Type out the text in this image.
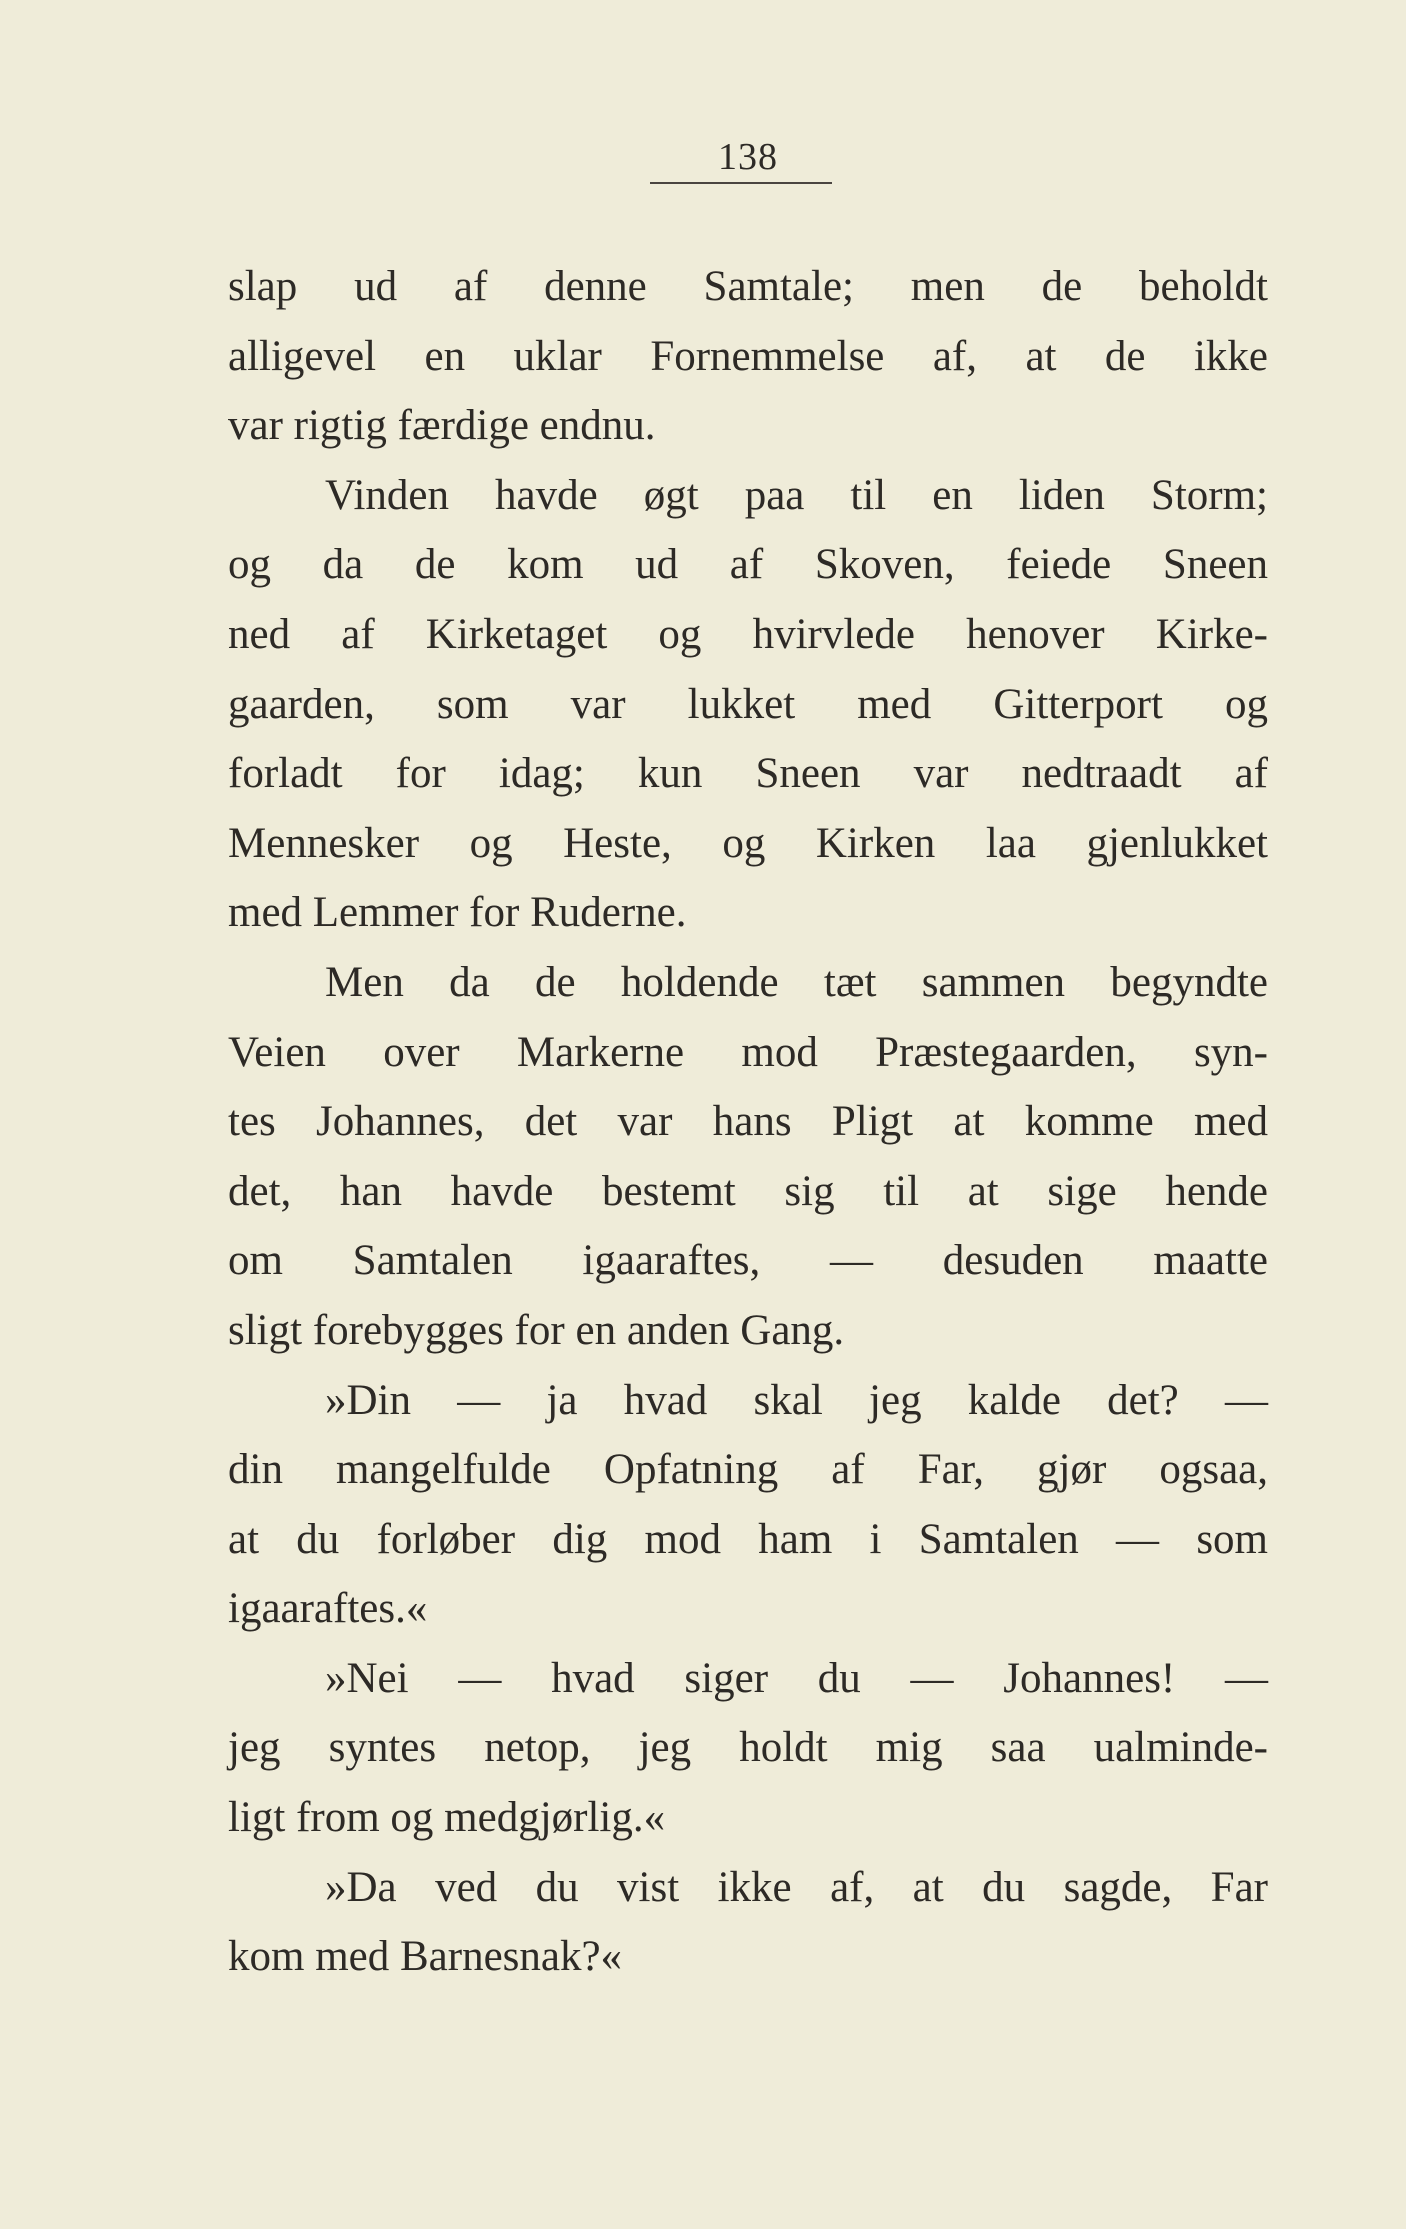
138
slap ud af denne Samtale; men de beholdt
alligevel en uklar Fornemmelse af, at de ikke
var rigtig færdige endnu.
Vinden havde øgt paa til en liden Storm;
og da de kom ud af Skoven, feiede Sneen
ned af Kirketaget og hvirvlede henover Kirke-
gaarden, som var lukket med Gitterport og
forladt for idag; kun Sneen var nedtraadt af
Mennesker og Heste, og Kirken laa gjenlukket
med Lemmer for Ruderne.
Men da de holdende tæt sammen begyndte
Veien over Markerne mod Præstegaarden, syn-
tes Johannes, det var hans Pligt at komme med
det, han havde bestemt sig til at sige hende
om Samtalen igaaraftes, — desuden maatte
sligt forebygges for en anden Gang.
»Din — ja hvad skal jeg kalde det? —
din mangelfulde Opfatning af Far, gjør ogsaa,
at du forløber dig mod ham i Samtalen — som
igaaraftes.«
»Nei — hvad siger du — Johannes! —
jeg syntes netop, jeg holdt mig saa ualminde-
ligt from og medgjørlig.«
»Da ved du vist ikke af, at du sagde, Far
kom med Barnesnak?«
